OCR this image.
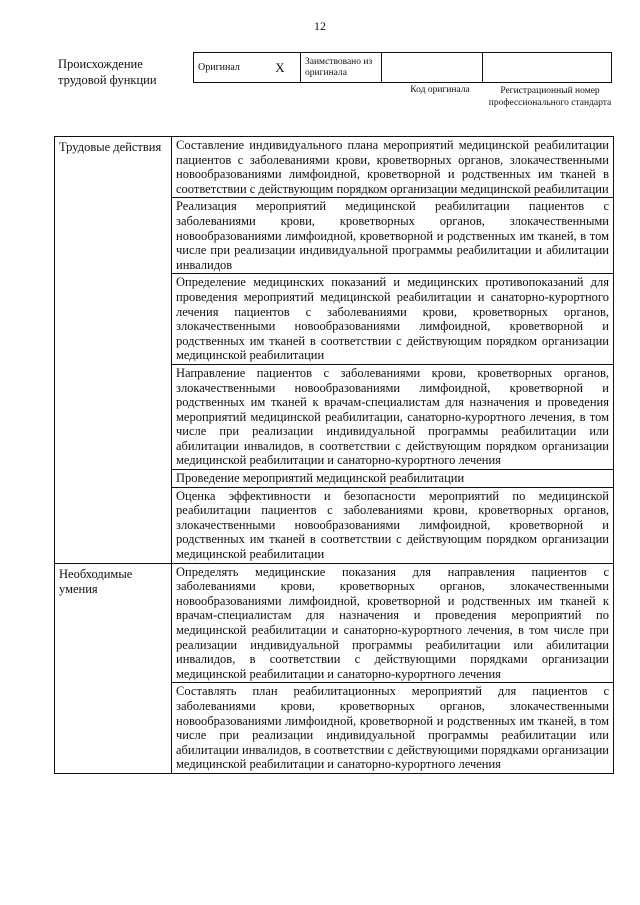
12
Происхождение трудовой функции
Оригинал	X	Заимствовано из оригинала		
Код оригинала	Регистрационный номер профессионального стандарта
Трудовые действия	Составление индивидуального плана мероприятий медицинской реабилитации пациентов с заболеваниями крови, кроветворных органов, злокачественными новообразованиями лимфоидной, кроветворной и родственных им тканей в соответствии с действующим порядком организации медицинской реабилитации
	Реализация мероприятий медицинской реабилитации пациентов с заболеваниями крови, кроветворных органов, злокачественными новообразованиями лимфоидной, кроветворной и родственных им тканей, в том числе при реализации индивидуальной программы реабилитации и абилитации инвалидов
	Определение медицинских показаний и медицинских противопоказаний для проведения мероприятий медицинской реабилитации и санаторно-курортного лечения пациентов с заболеваниями крови, кроветворных органов, злокачественными новообразованиями лимфоидной, кроветворной и родственных им тканей в соответствии с действующим порядком организации медицинской реабилитации
	Направление пациентов с заболеваниями крови, кроветворных органов, злокачественными новообразованиями лимфоидной, кроветворной и родственных им тканей к врачам-специалистам для назначения и проведения мероприятий медицинской реабилитации, санаторно-курортного лечения, в том числе при реализации индивидуальной программы реабилитации или абилитации инвалидов, в соответствии с действующим порядком организации медицинской реабилитации и санаторно-курортного лечения
	Проведение мероприятий медицинской реабилитации
	Оценка эффективности и безопасности мероприятий по медицинской реабилитации пациентов с заболеваниями крови, кроветворных органов, злокачественными новообразованиями лимфоидной, кроветворной и родственных им тканей в соответствии с действующим порядком организации медицинской реабилитации
Необходимые умения	Определять медицинские показания для направления пациентов с заболеваниями крови, кроветворных органов, злокачественными новообразованиями лимфоидной, кроветворной и родственных им тканей к врачам-специалистам для назначения и проведения мероприятий по медицинской реабилитации и санаторно-курортного лечения, в том числе при реализации индивидуальной программы реабилитации или абилитации инвалидов, в соответствии с действующими порядками организации медицинской реабилитации и санаторно-курортного лечения
	Составлять план реабилитационных мероприятий для пациентов с заболеваниями крови, кроветворных органов, злокачественными новообразованиями лимфоидной, кроветворной и родственных им тканей, в том числе при реализации индивидуальной программы реабилитации или абилитации инвалидов, в соответствии с действующими порядками организации медицинской реабилитации и санаторно-курортного лечения
